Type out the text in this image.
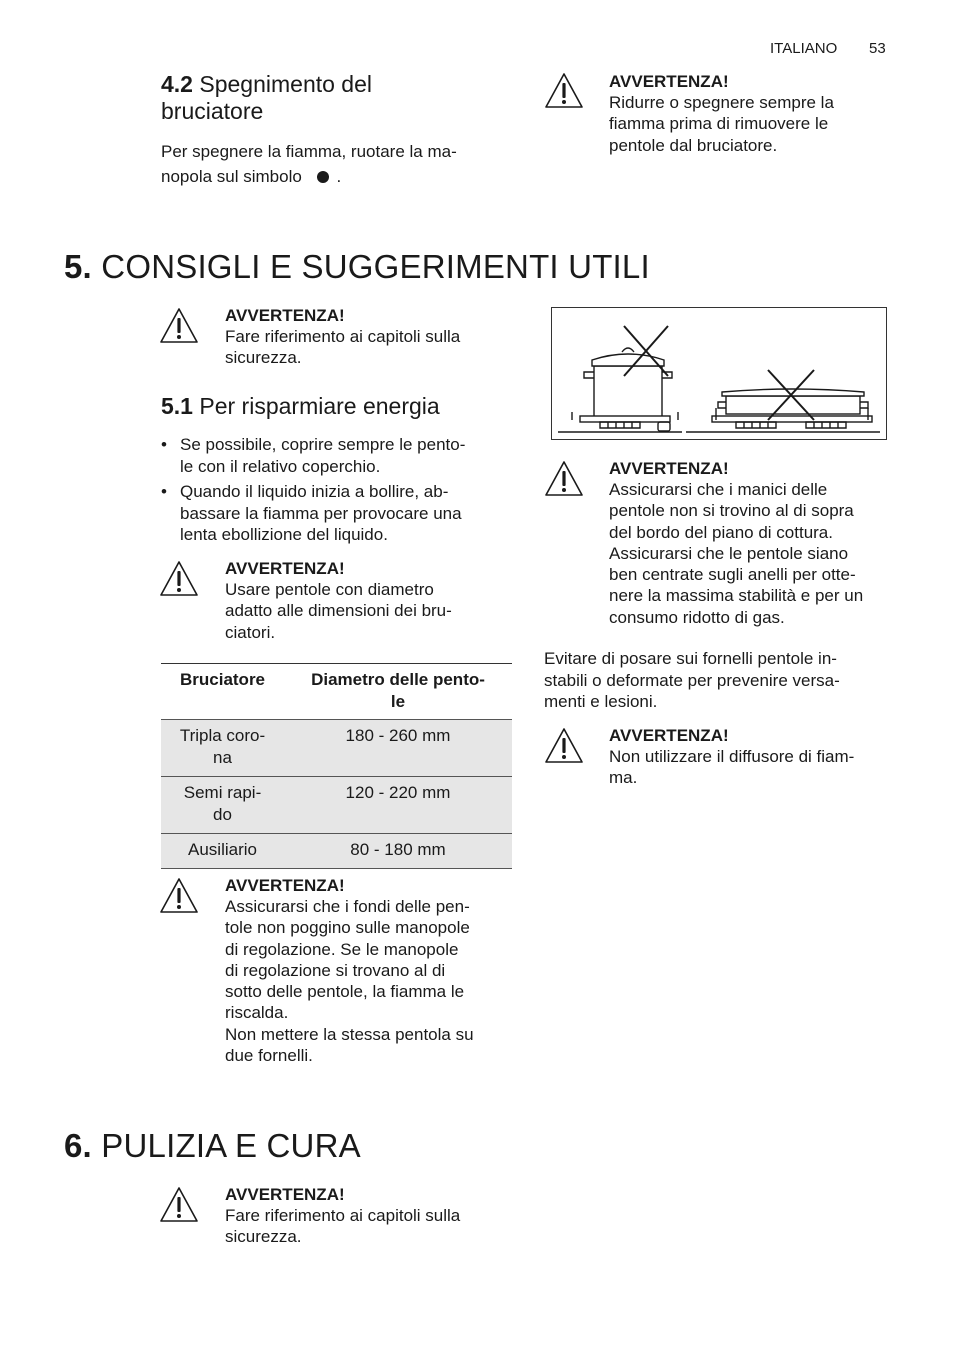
ITALIANO 53
4.2 Spegnimento del
bruciatore
Per spegnere la fiamma, ruotare la ma-
nopola sul simbolo .
AVVERTENZA!
Ridurre o spegnere sempre la
fiamma prima di rimuovere le
pentole dal bruciatore.
5. CONSIGLI E SUGGERIMENTI UTILI
AVVERTENZA!
Fare riferimento ai capitoli sulla
sicurezza.
5.1 Per risparmiare energia
• Se possibile, coprire sempre le pento-
le con il relativo coperchio.
• Quando il liquido inizia a bollire, ab-
bassare la fiamma per provocare una
lenta ebollizione del liquido.
AVVERTENZA!
Usare pentole con diametro
adatto alle dimensioni dei bru-
ciatori.
Bruciatore	Diametro delle pento-
le
Tripla coro-
na	180 - 260 mm
Semi rapi-
do	120 - 220 mm
Ausiliario	80 - 180 mm
AVVERTENZA!
Assicurarsi che i fondi delle pen-
tole non poggino sulle manopole
di regolazione. Se le manopole
di regolazione si trovano al di
sotto delle pentole, la fiamma le
riscalda.
Non mettere la stessa pentola su
due fornelli.
AVVERTENZA!
Assicurarsi che i manici delle
pentole non si trovino al di sopra
del bordo del piano di cottura.
Assicurarsi che le pentole siano
ben centrate sugli anelli per otte-
nere la massima stabilità e per un
consumo ridotto di gas.
Evitare di posare sui fornelli pentole in-
stabili o deformate per prevenire versa-
menti e lesioni.
AVVERTENZA!
Non utilizzare il diffusore di fiam-
ma.
6. PULIZIA E CURA
AVVERTENZA!
Fare riferimento ai capitoli sulla
sicurezza.
